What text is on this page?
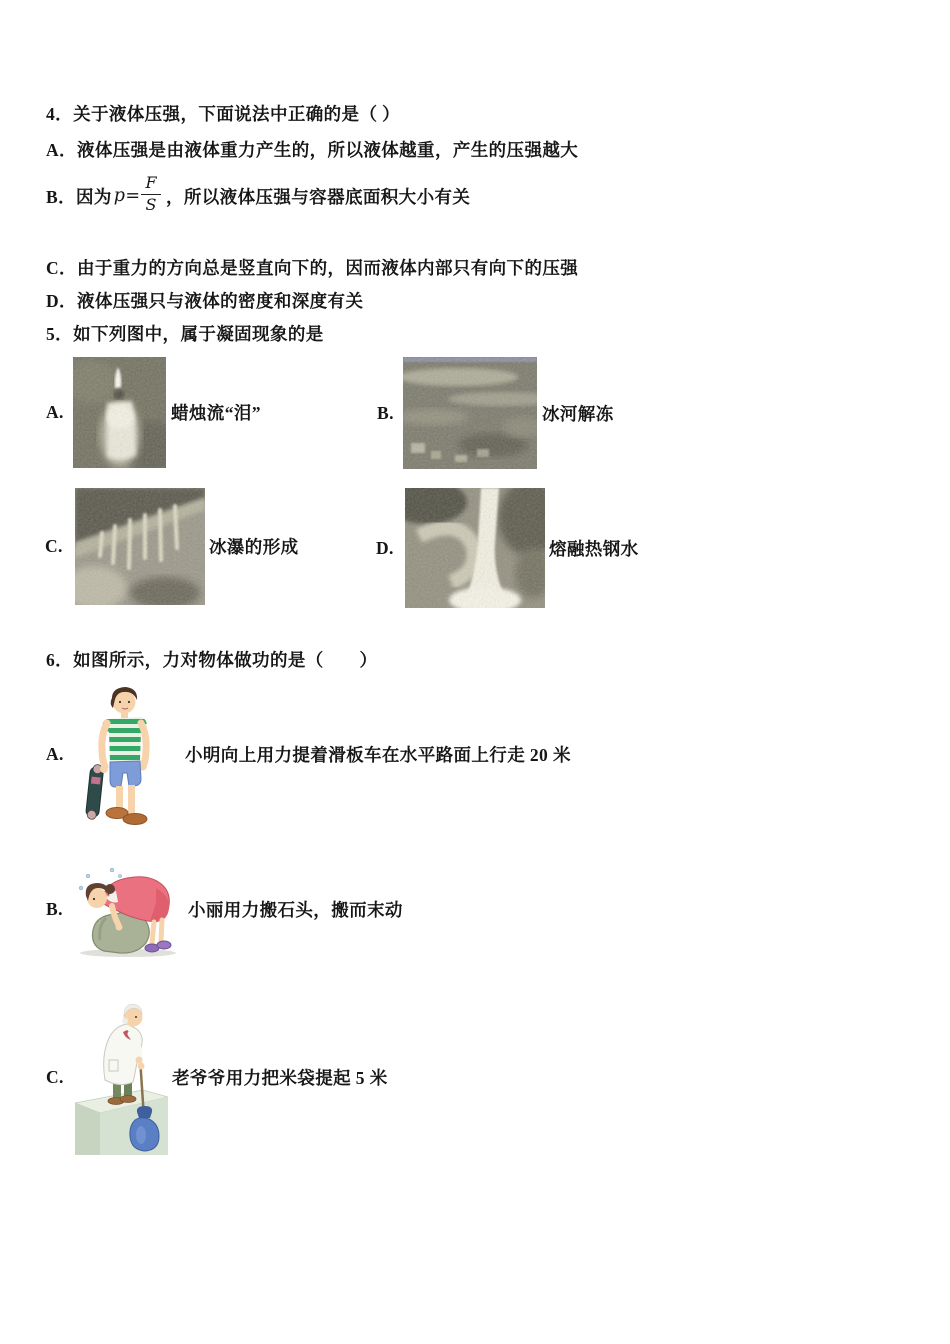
4．关于液体压强，下面说法中正确的是（ ）
A．液体压强是由液体重力产生的，所以液体越重，产生的压强越大
B． 因为 $p= \frac{F}{S}$ ，所以液体压强与容器底面积大小有关
C．由于重力的方向总是竖直向下的，因而液体内部只有向下的压强
D．液体压强只与液体的密度和深度有关
5．如下列图中，属于凝固现象的是
A.	蜡烛流“泪”	B.	冰河解冻
C.	冰瀑的形成	D.	熔融热钢水
6．如图所示，力对物体做功的是（　　）
A.	小明向上用力提着滑板车在水平路面上行走 20 米
B.	小丽用力搬石头，搬而末动
C.	老爷爷用力把米袋提起 5 米
